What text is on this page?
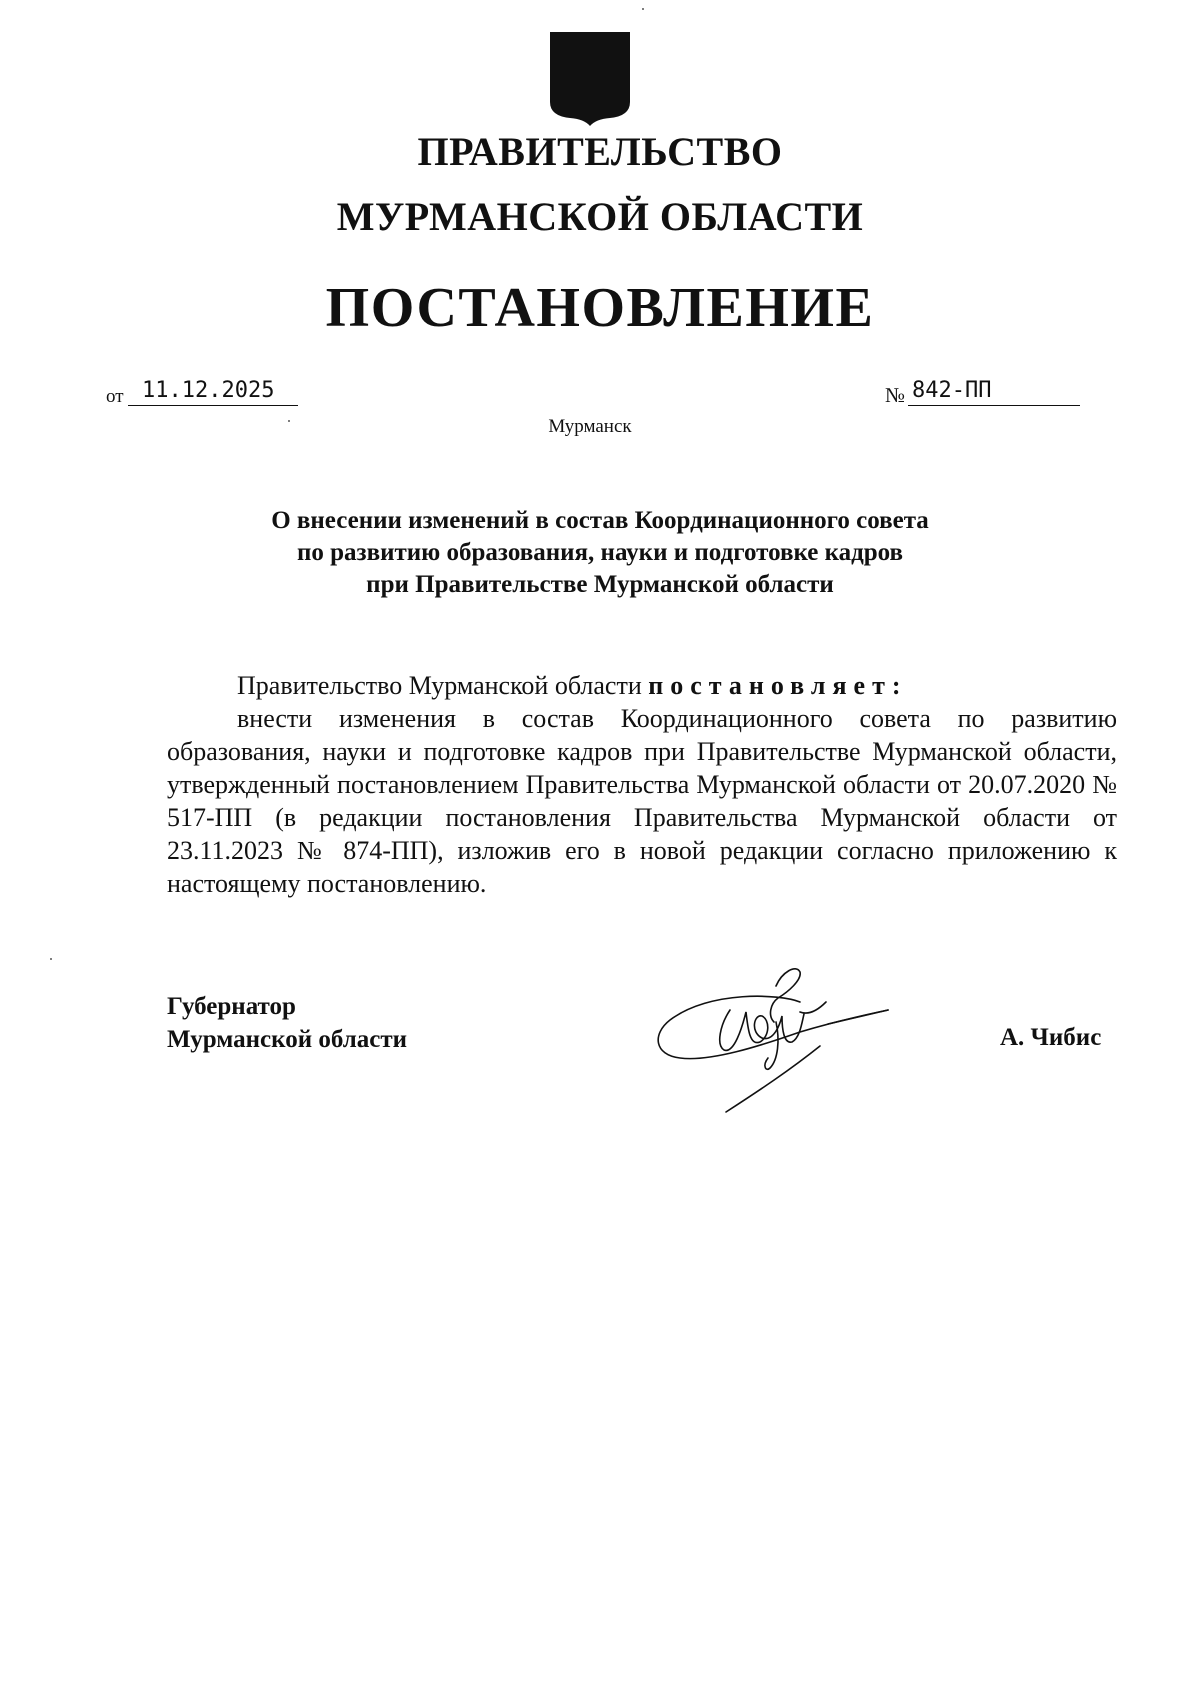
ПРАВИТЕЛЬСТВО
МУРМАНСКОЙ ОБЛАСТИ
ПОСТАНОВЛЕНИЕ
от 11.12.2025	№ 842-ПП
Мурманск
О внесении изменений в состав Координационного совета
по развитию образования, науки и подготовке кадров
при Правительстве Мурманской области

Правительство Мурманской области постановляет:

внести изменения в состав Координационного совета по развитию образования, науки и подготовке кадров при Правительстве Мурманской области, утвержденный постановлением Правительства Мурманской области от 20.07.2020 № 517-ПП (в редакции постановления Правительства Мурманской области от 23.11.2023 № 874-ПП), изложив его в новой редакции согласно приложению к настоящему постановлению.

Губернатор
Мурманской области	А. Чибис
